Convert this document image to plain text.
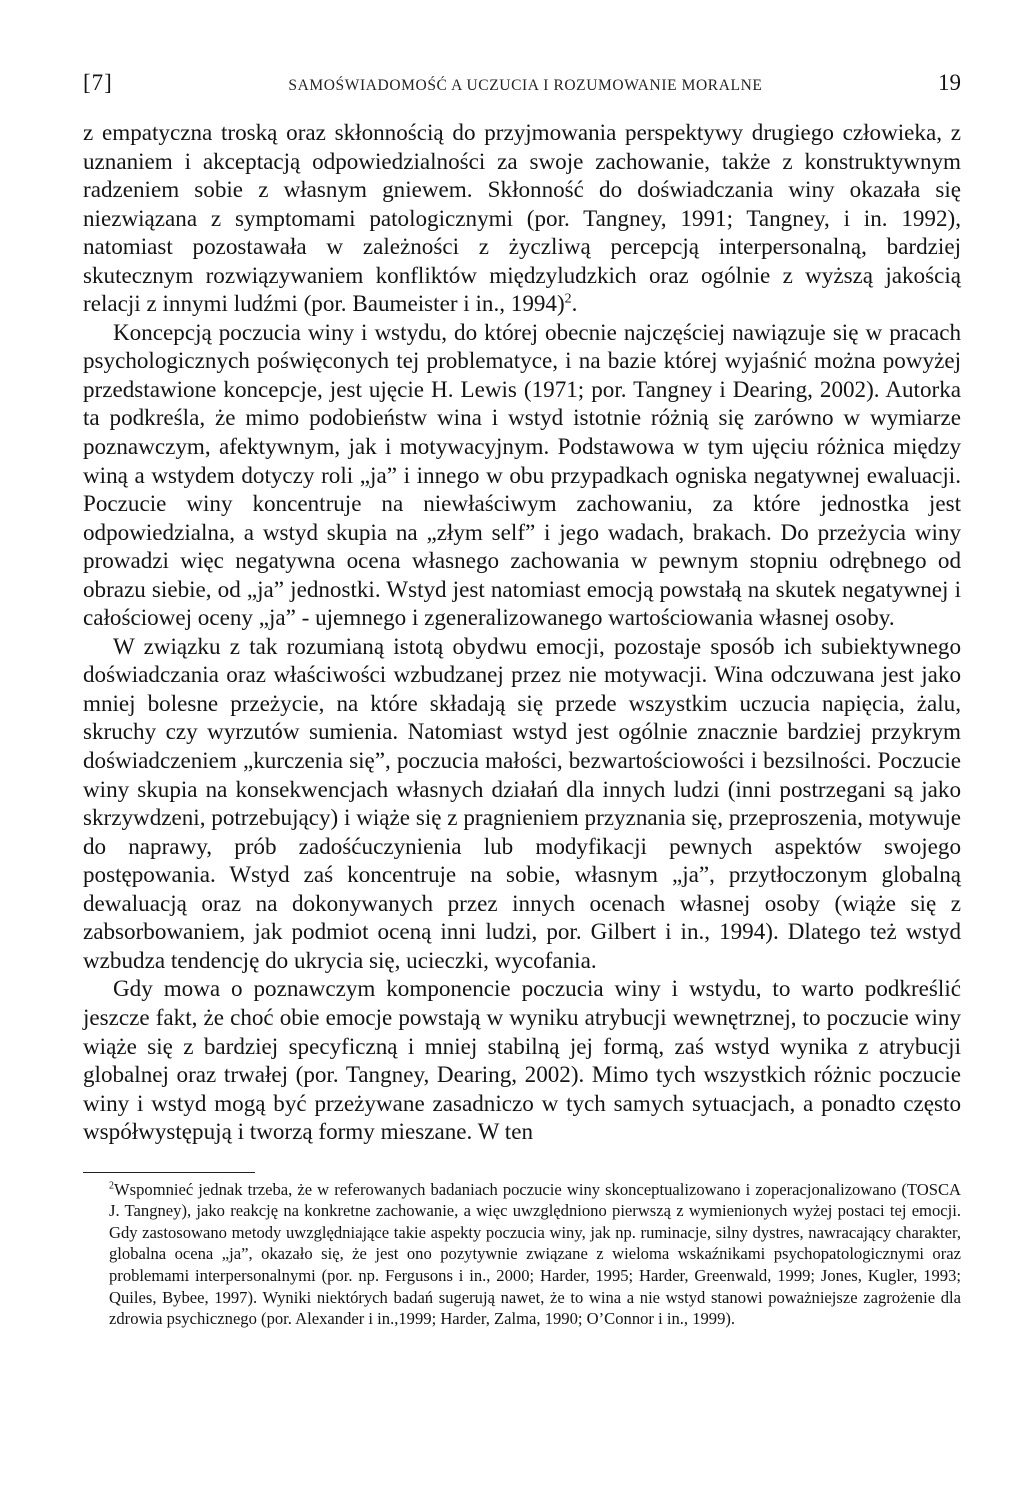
[7]	SAMOŚWIADOMOŚĆ A UCZUCIA I ROZUMOWANIE MORALNE	19

z empatyczna troską oraz skłonnością do przyjmowania perspektywy drugiego człowieka, z uznaniem i akceptacją odpowiedzialności za swoje zachowanie, także z konstruktywnym radzeniem sobie z własnym gniewem. Skłonność do doświadczania winy okazała się niezwiązana z symptomami patologicznymi (por. Tangney, 1991; Tangney, i in. 1992), natomiast pozostawała w zależności z życzliwą percepcją interpersonalną, bardziej skutecznym rozwiązywaniem konfliktów międzyludzkich oraz ogólnie z wyższą jakością relacji z innymi ludźmi (por. Baumeister i in., 1994)$^2$.

Koncepcją poczucia winy i wstydu, do której obecnie najczęściej nawiązuje się w pracach psychologicznych poświęconych tej problematyce, i na bazie której wyjaśnić można powyżej przedstawione koncepcje, jest ujęcie H. Lewis (1971; por. Tangney i Dearing, 2002). Autorka ta podkreśla, że mimo podobieństw wina i wstyd istotnie różnią się zarówno w wymiarze poznawczym, afektywnym, jak i motywacyjnym. Podstawowa w tym ujęciu różnica między winą a wstydem dotyczy roli „ja” i innego w obu przypadkach ogniska negatywnej ewaluacji. Poczucie winy koncentruje na niewłaściwym zachowaniu, za które jednostka jest odpowiedzialna, a wstyd skupia na „złym self” i jego wadach, brakach. Do przeżycia winy prowadzi więc negatywna ocena własnego zachowania w pewnym stopniu odrębnego od obrazu siebie, od „ja” jednostki. Wstyd jest natomiast emocją powstałą na skutek negatywnej i całościowej oceny „ja” - ujemnego i zgeneralizowanego wartościowania własnej osoby.

W związku z tak rozumianą istotą obydwu emocji, pozostaje sposób ich subiektywnego doświadczania oraz właściwości wzbudzanej przez nie motywacji. Wina odczuwana jest jako mniej bolesne przeżycie, na które składają się przede wszystkim uczucia napięcia, żalu, skruchy czy wyrzutów sumienia. Natomiast wstyd jest ogólnie znacznie bardziej przykrym doświadczeniem „kurczenia się”, poczucia małości, bezwartościowości i bezsilności. Poczucie winy skupia na konsekwencjach własnych działań dla innych ludzi (inni postrzegani są jako skrzywdzeni, potrzebujący) i wiąże się z pragnieniem przyznania się, przeproszenia, motywuje do naprawy, prób zadośćuczynienia lub modyfikacji pewnych aspektów swojego postępowania. Wstyd zaś koncentruje na sobie, własnym „ja”, przytłoczonym globalną dewaluacją oraz na dokonywanych przez innych ocenach własnej osoby (wiąże się z zabsorbowaniem, jak podmiot oceną inni ludzi, por. Gilbert i in., 1994). Dlatego też wstyd wzbudza tendencję do ukrycia się, ucieczki, wycofania.

Gdy mowa o poznawczym komponencie poczucia winy i wstydu, to warto podkreślić jeszcze fakt, że choć obie emocje powstają w wyniku atrybucji wewnętrznej, to poczucie winy wiąże się z bardziej specyficzną i mniej stabilną jej formą, zaś wstyd wynika z atrybucji globalnej oraz trwałej (por. Tangney, Dearing, 2002). Mimo tych wszystkich różnic poczucie winy i wstyd mogą być przeżywane zasadniczo w tych samych sytuacjach, a ponadto często współwystępują i tworzą formy mieszane. W ten

$^2$Wspomnieć jednak trzeba, że w referowanych badaniach poczucie winy skonceptualizowano i zoperacjonalizowano (TOSCA J. Tangney), jako reakcję na konkretne zachowanie, a więc uwzględniono pierwszą z wymienionych wyżej postaci tej emocji. Gdy zastosowano metody uwzględniające takie aspekty poczucia winy, jak np. ruminacje, silny dystres, nawracający charakter, globalna ocena „ja”, okazało się, że jest ono pozytywnie związane z wieloma wskaźnikami psychopatologicznymi oraz problemami interpersonalnymi (por. np. Fergusons i in., 2000; Harder, 1995; Harder, Greenwald, 1999; Jones, Kugler, 1993; Quiles, Bybee, 1997). Wyniki niektórych badań sugerują nawet, że to wina a nie wstyd stanowi poważniejsze zagrożenie dla zdrowia psychicznego (por. Alexander i in.,1999; Harder, Zalma, 1990; O’Connor i in., 1999).
